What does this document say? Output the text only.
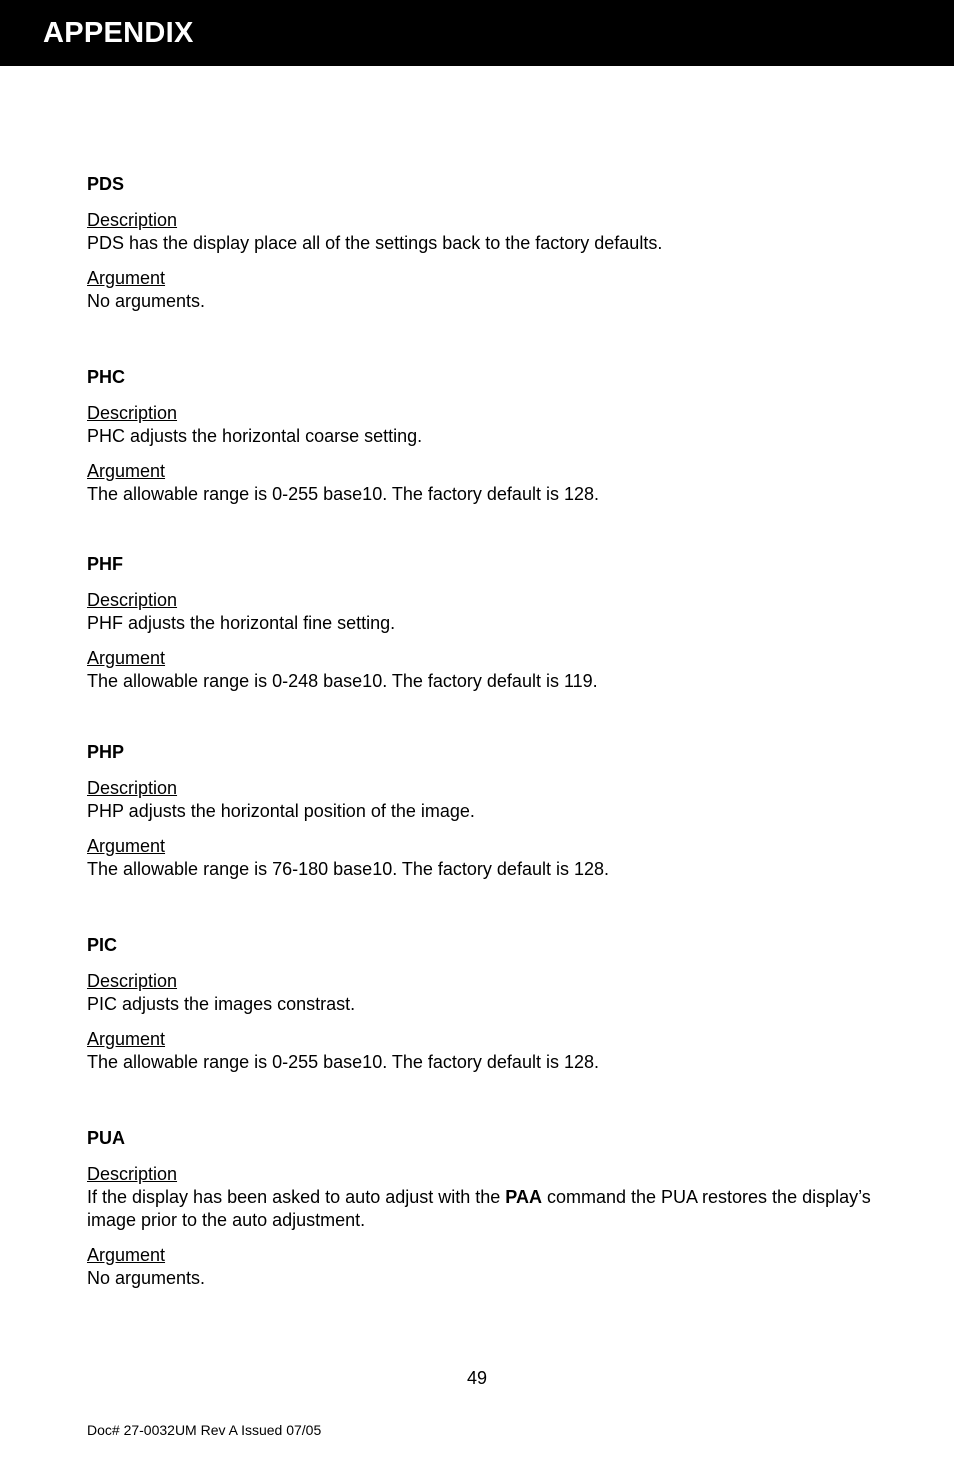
APPENDIX
PDS
Description
PDS has the display place all of the settings back to the factory defaults.
Argument
No arguments.
PHC
Description
PHC adjusts the horizontal coarse setting.
Argument
The allowable range is 0-255 base10. The factory default is 128.
PHF
Description
PHF adjusts the horizontal fine setting.
Argument
The allowable range is 0-248 base10. The factory default is 119.
PHP
Description
PHP adjusts the horizontal position of the image.
Argument
The allowable range is 76-180 base10. The factory default is 128.
PIC
Description
PIC adjusts the images constrast.
Argument
The allowable range is 0-255 base10. The factory default is 128.
PUA
Description
If the display has been asked to auto adjust with the PAA command the PUA restores the display’s image prior to the auto adjustment.
Argument
No arguments.
49
Doc# 27-0032UM Rev A Issued 07/05
